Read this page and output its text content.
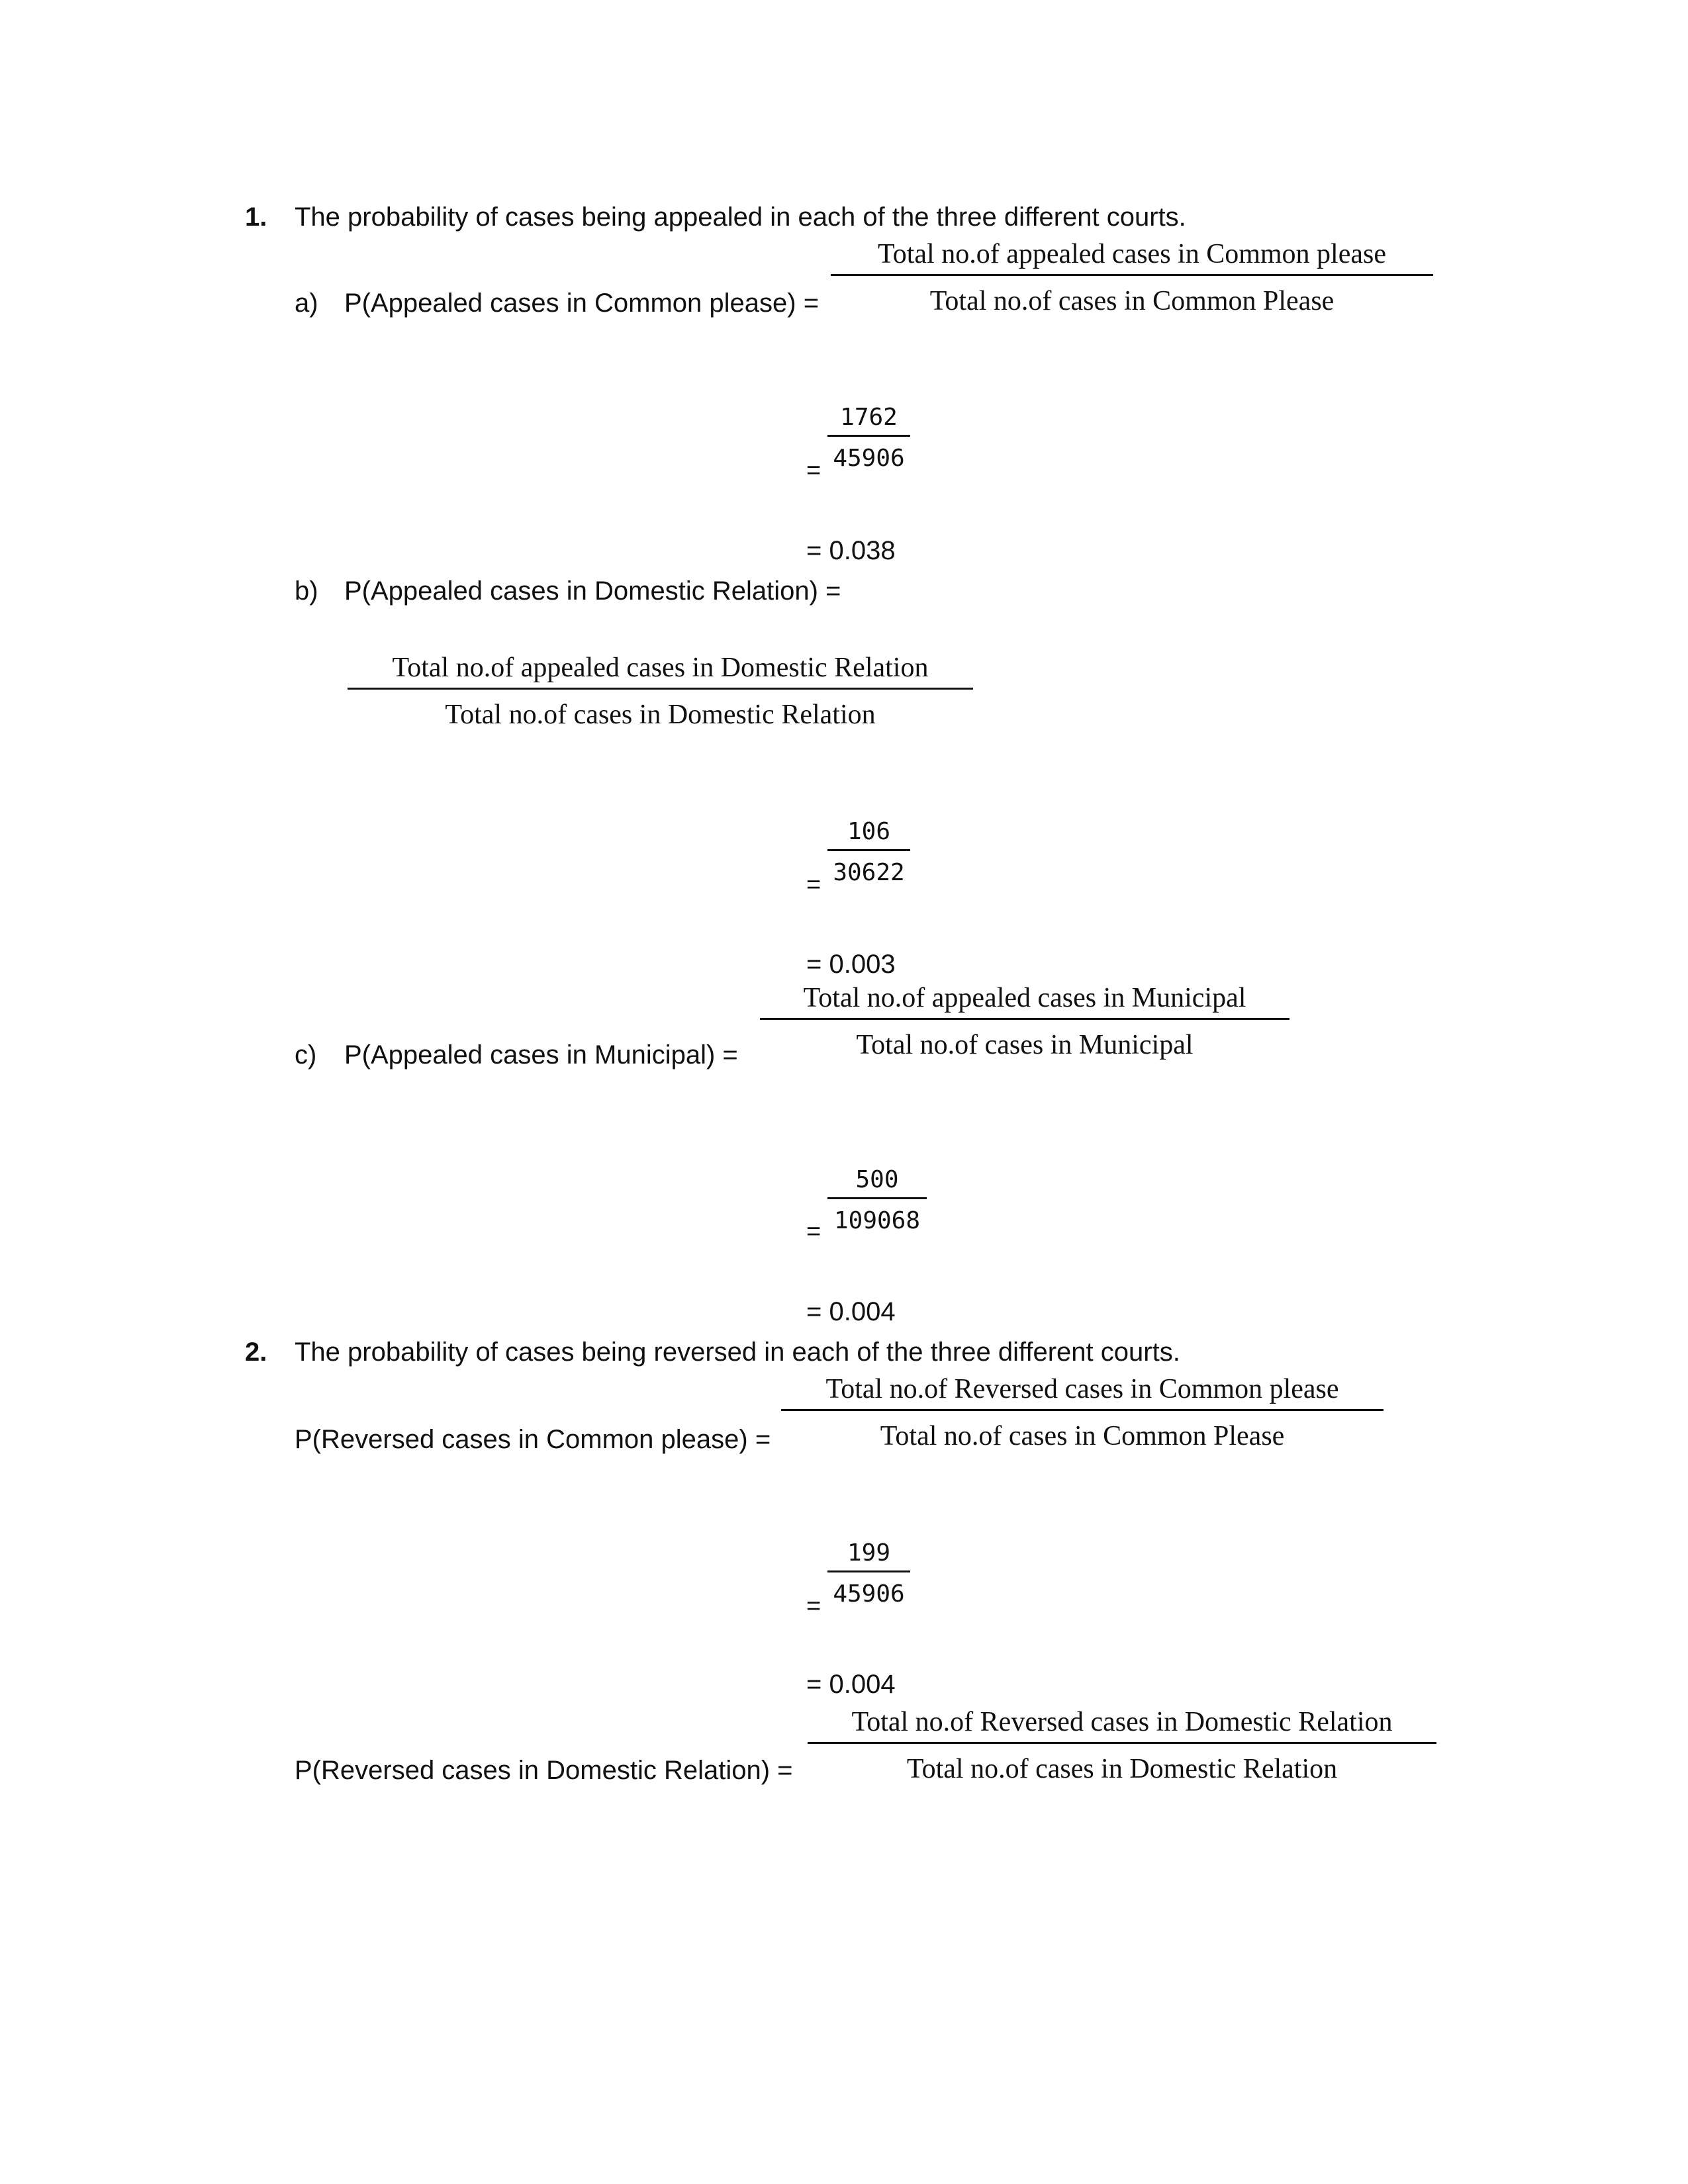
1. The probability of cases being appealed in each of the three different courts.
Total no.of appealed cases in Common please
Total no.of cases in Common Please
a) P(Appealed cases in Common please) =
=
1762
45906
= 0.038
b) P(Appealed cases in Domestic Relation) =
Total no.of appealed cases in Domestic Relation
Total no.of cases in Domestic Relation
=
106
30622
= 0.003
Total no.of appealed cases in Municipal
Total no.of cases in Municipal
c) P(Appealed cases in Municipal) =
=
500
109068
= 0.004
2. The probability of cases being reversed in each of the three different courts.
Total no.of Reversed cases in Common please
Total no.of cases in Common Please
P(Reversed cases in Common please) =
=
199
45906
= 0.004
Total no.of Reversed cases in Domestic Relation
Total no.of cases in Domestic Relation
P(Reversed cases in Domestic Relation) =
